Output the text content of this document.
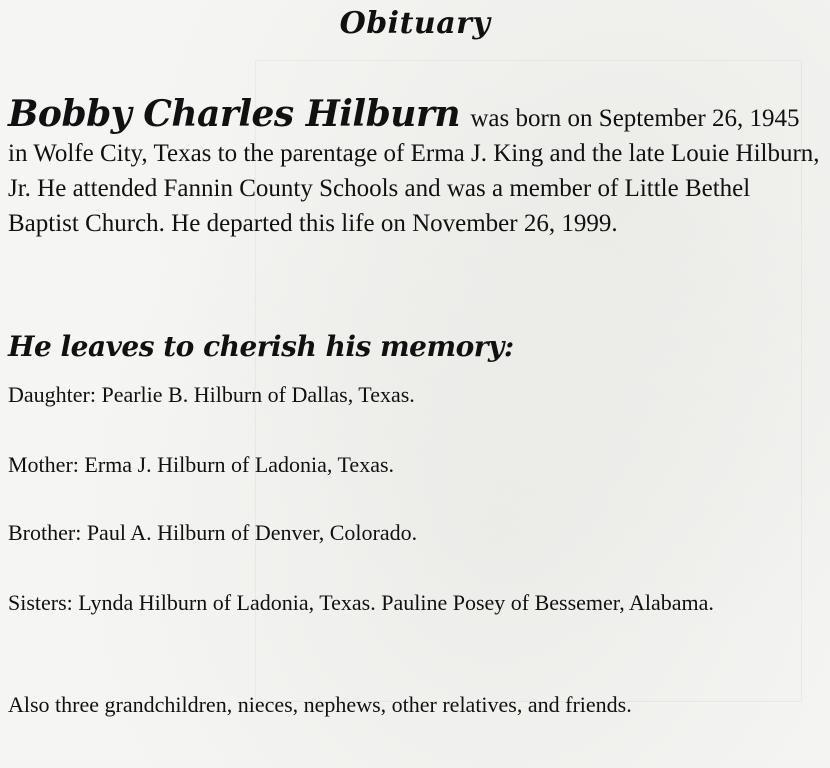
Obituary

Bobby Charles Hilburn was born on September 26, 1945 in Wolfe City, Texas to the parentage of Erma J. King and the late Louie Hilburn, Jr. He attended Fannin County Schools and was a member of Little Bethel Baptist Church. He departed this life on November 26, 1999.

He leaves to cherish his memory:

Daughter: Pearlie B. Hilburn of Dallas, Texas.

Mother: Erma J. Hilburn of Ladonia, Texas.

Brother: Paul A. Hilburn of Denver, Colorado.

Sisters: Lynda Hilburn of Ladonia, Texas. Pauline Posey of Bessemer, Alabama.

Also three grandchildren, nieces, nephews, other relatives, and friends.
